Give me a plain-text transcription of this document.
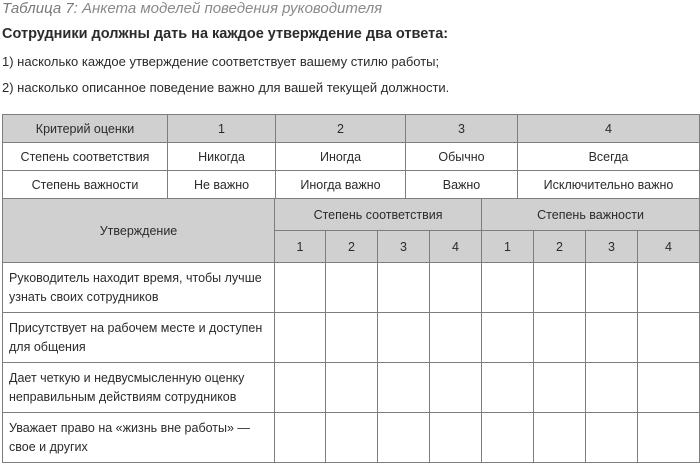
Таблица 7: Анкета моделей поведения руководителя
Сотрудники должны дать на каждое утверждение два ответа:
1) насколько каждое утверждение соответствует вашему стилю работы;
2) насколько описанное поведение важно для вашей текущей должности.
Критерий оценки	1	2	3	4
Степень соответствия	Никогда	Иногда	Обычно	Всегда
Степень важности	Не важно	Иногда важно	Важно	Исключительно важно
Утверждение	Степень соответствия				Степень важности			
	1	2	3	4	1	2	3	4
Руководитель находит время, чтобы лучше узнать своих сотрудников								
Присутствует на рабочем месте и доступен для общения								
Дает четкую и недвусмысленную оценку неправильным действиям сотрудников								
Уважает право на «жизнь вне работы» — свое и других								
